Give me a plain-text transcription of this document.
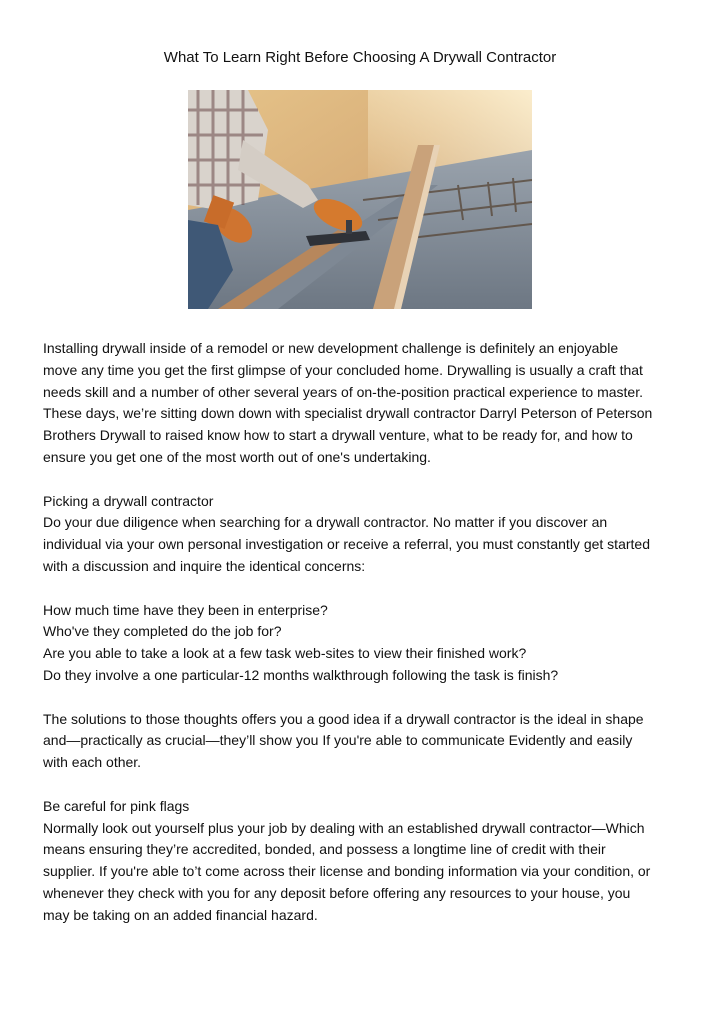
What To Learn Right Before Choosing A Drywall Contractor

Installing drywall inside of a remodel or new development challenge is definitely an enjoyable

move any time you get the first glimpse of your concluded home. Drywalling is usually a craft that

needs skill and a number of other several years of on-the-position practical experience to master.

These days, we’re sitting down down with specialist drywall contractor Darryl Peterson of Peterson

Brothers Drywall to raised know how to start a drywall venture, what to be ready for, and how to

ensure you get one of the most worth out of one's undertaking.

Picking a drywall contractor

Do your due diligence when searching for a drywall contractor. No matter if you discover an

individual via your own personal investigation or receive a referral, you must constantly get started

with a discussion and inquire the identical concerns:

How much time have they been in enterprise?

Who've they completed do the job for?

Are you able to take a look at a few task web-sites to view their finished work?

Do they involve a one particular-12 months walkthrough following the task is finish?

The solutions to those thoughts offers you a good idea if a drywall contractor is the ideal in shape

and—practically as crucial—they’ll show you If you're able to communicate Evidently and easily

with each other.

Be careful for pink flags

Normally look out yourself plus your job by dealing with an established drywall contractor—Which

means ensuring they’re accredited, bonded, and possess a longtime line of credit with their

supplier. If you're able to’t come across their license and bonding information via your condition, or

whenever they check with you for any deposit before offering any resources to your house, you

may be taking on an added financial hazard.
